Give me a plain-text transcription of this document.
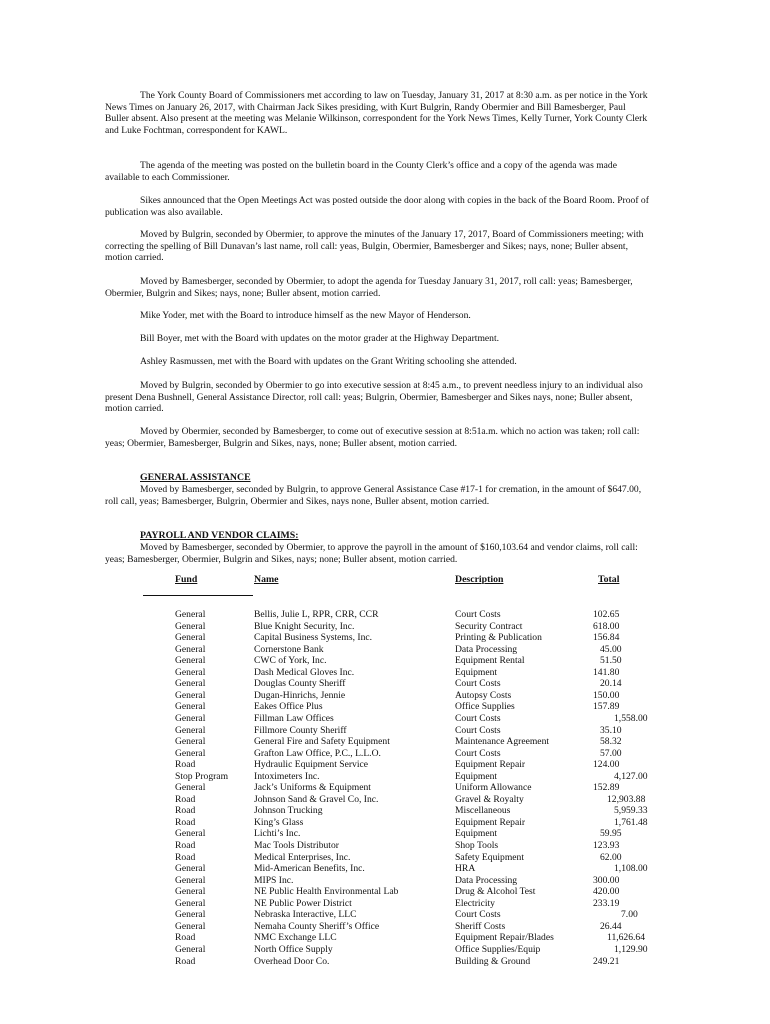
The York County Board of Commissioners met according to law on Tuesday, January 31, 2017 at 8:30 a.m. as per notice in the York News Times on January 26, 2017, with Chairman Jack Sikes presiding, with Kurt Bulgrin, Randy Obermier and Bill Bamesberger, Paul Buller absent. Also present at the meeting was Melanie Wilkinson, correspondent for the York News Times, Kelly Turner, York County Clerk and Luke Fochtman, correspondent for KAWL.

The agenda of the meeting was posted on the bulletin board in the County Clerk’s office and a copy of the agenda was made available to each Commissioner.

Sikes announced that the Open Meetings Act was posted outside the door along with copies in the back of the Board Room. Proof of publication was also available.

Moved by Bulgrin, seconded by Obermier, to approve the minutes of the January 17, 2017, Board of Commissioners meeting; with correcting the spelling of Bill Dunavan’s last name, roll call: yeas, Bulgin, Obermier, Bamesberger and Sikes; nays, none; Buller absent, motion carried.

Moved by Bamesberger, seconded by Obermier, to adopt the agenda for Tuesday January 31, 2017, roll call: yeas; Bamesberger, Obermier, Bulgrin and Sikes; nays, none; Buller absent, motion carried.

Mike Yoder, met with the Board to introduce himself as the new Mayor of Henderson.

Bill Boyer, met with the Board with updates on the motor grader at the Highway Department.

Ashley Rasmussen, met with the Board with updates on the Grant Writing schooling she attended.

Moved by Bulgrin, seconded by Obermier to go into executive session at 8:45 a.m., to prevent needless injury to an individual also present Dena Bushnell, General Assistance Director, roll call: yeas; Bulgrin, Obermier, Bamesberger and Sikes nays, none; Buller absent, motion carried.

Moved by Obermier, seconded by Bamesberger, to come out of executive session at 8:51a.m. which no action was taken; roll call: yeas; Obermier, Bamesberger, Bulgrin and Sikes, nays, none; Buller absent, motion carried.

GENERAL ASSISTANCE

Moved by Bamesberger, seconded by Bulgrin, to approve General Assistance Case #17-1 for cremation, in the amount of $647.00, roll call, yeas; Bamesberger, Bulgrin, Obermier and Sikes, nays none, Buller absent, motion carried.

PAYROLL AND VENDOR CLAIMS:

Moved by Bamesberger, seconded by Obermier, to approve the payroll in the amount of $160,103.64 and vendor claims, roll call: yeas; Bamesberger, Obermier, Bulgrin and Sikes, nays; none; Buller absent, motion carried.

Fund	Name	Description	Total
General	Bellis, Julie L, RPR, CRR, CCR	Court Costs	102.65
General	Blue Knight Security, Inc.	Security Contract	618.00
General	Capital Business Systems, Inc.	Printing & Publication	156.84
General	Cornerstone Bank	Data Processing	45.00
General	CWC of York, Inc.	Equipment Rental	51.50
General	Dash Medical Gloves Inc.	Equipment	141.80
General	Douglas County Sheriff	Court Costs	20.14
General	Dugan-Hinrichs, Jennie	Autopsy Costs	150.00
General	Eakes Office Plus	Office Supplies	157.89
General	Fillman Law Offices	Court Costs	1,558.00
General	Fillmore County Sheriff	Court Costs	35.10
General	General Fire and Safety Equipment	Maintenance Agreement	58.32
General	Grafton Law Office, P.C., L.L.O.	Court Costs	57.00
Road	Hydraulic Equipment Service	Equipment Repair	124.00
Stop Program	Intoximeters Inc.	Equipment	4,127.00
General	Jack’s Uniforms & Equipment	Uniform Allowance	152.89
Road	Johnson Sand & Gravel Co, Inc.	Gravel & Royalty	12,903.88
Road	Johnson Trucking	Miscellaneous	5,959.33
Road	King’s Glass	Equipment Repair	1,761.48
General	Lichti’s Inc.	Equipment	59.95
Road	Mac Tools Distributor	Shop Tools	123.93
Road	Medical Enterprises, Inc.	Safety Equipment	62.00
General	Mid-American Benefits, Inc.	HRA	1,108.00
General	MIPS Inc.	Data Processing	300.00
General	NE Public Health Environmental Lab	Drug & Alcohol Test	420.00
General	NE Public Power District	Electricity	233.19
General	Nebraska Interactive, LLC	Court Costs	7.00
General	Nemaha County Sheriff’s Office	Sheriff Costs	26.44
Road	NMC Exchange LLC	Equipment Repair/Blades	11,626.64
General	North Office Supply	Office Supplies/Equip	1,129.90
Road	Overhead Door Co.	Building & Ground	249.21
